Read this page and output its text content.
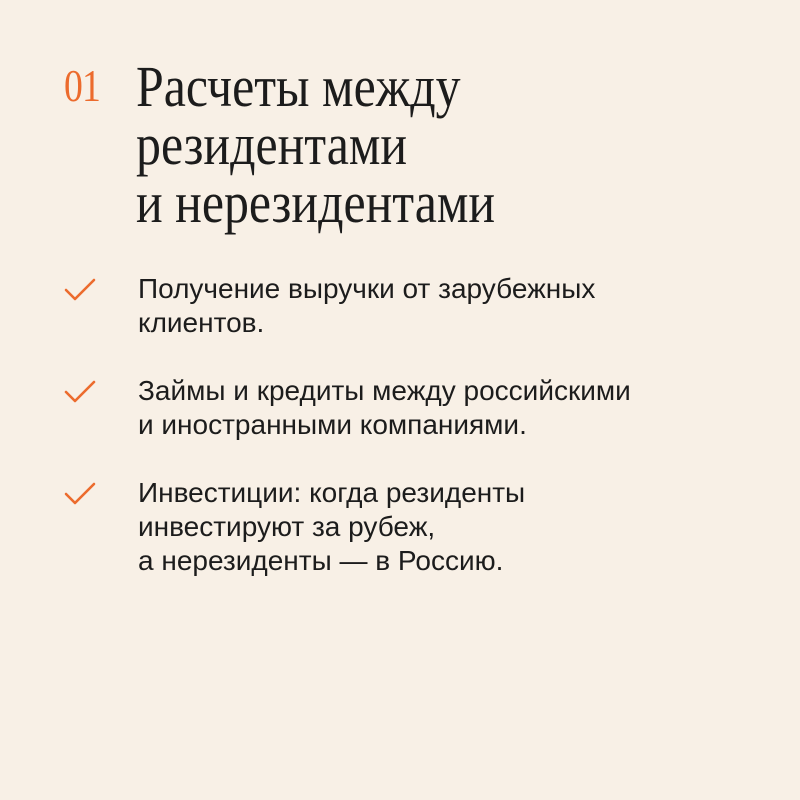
01 Расчеты между
резидентами
и нерезидентами
Получение выручки от зарубежных
клиентов.
Займы и кредиты между российскими
и иностранными компаниями.
Инвестиции: когда резиденты
инвестируют за рубеж,
а нерезиденты — в Россию.
